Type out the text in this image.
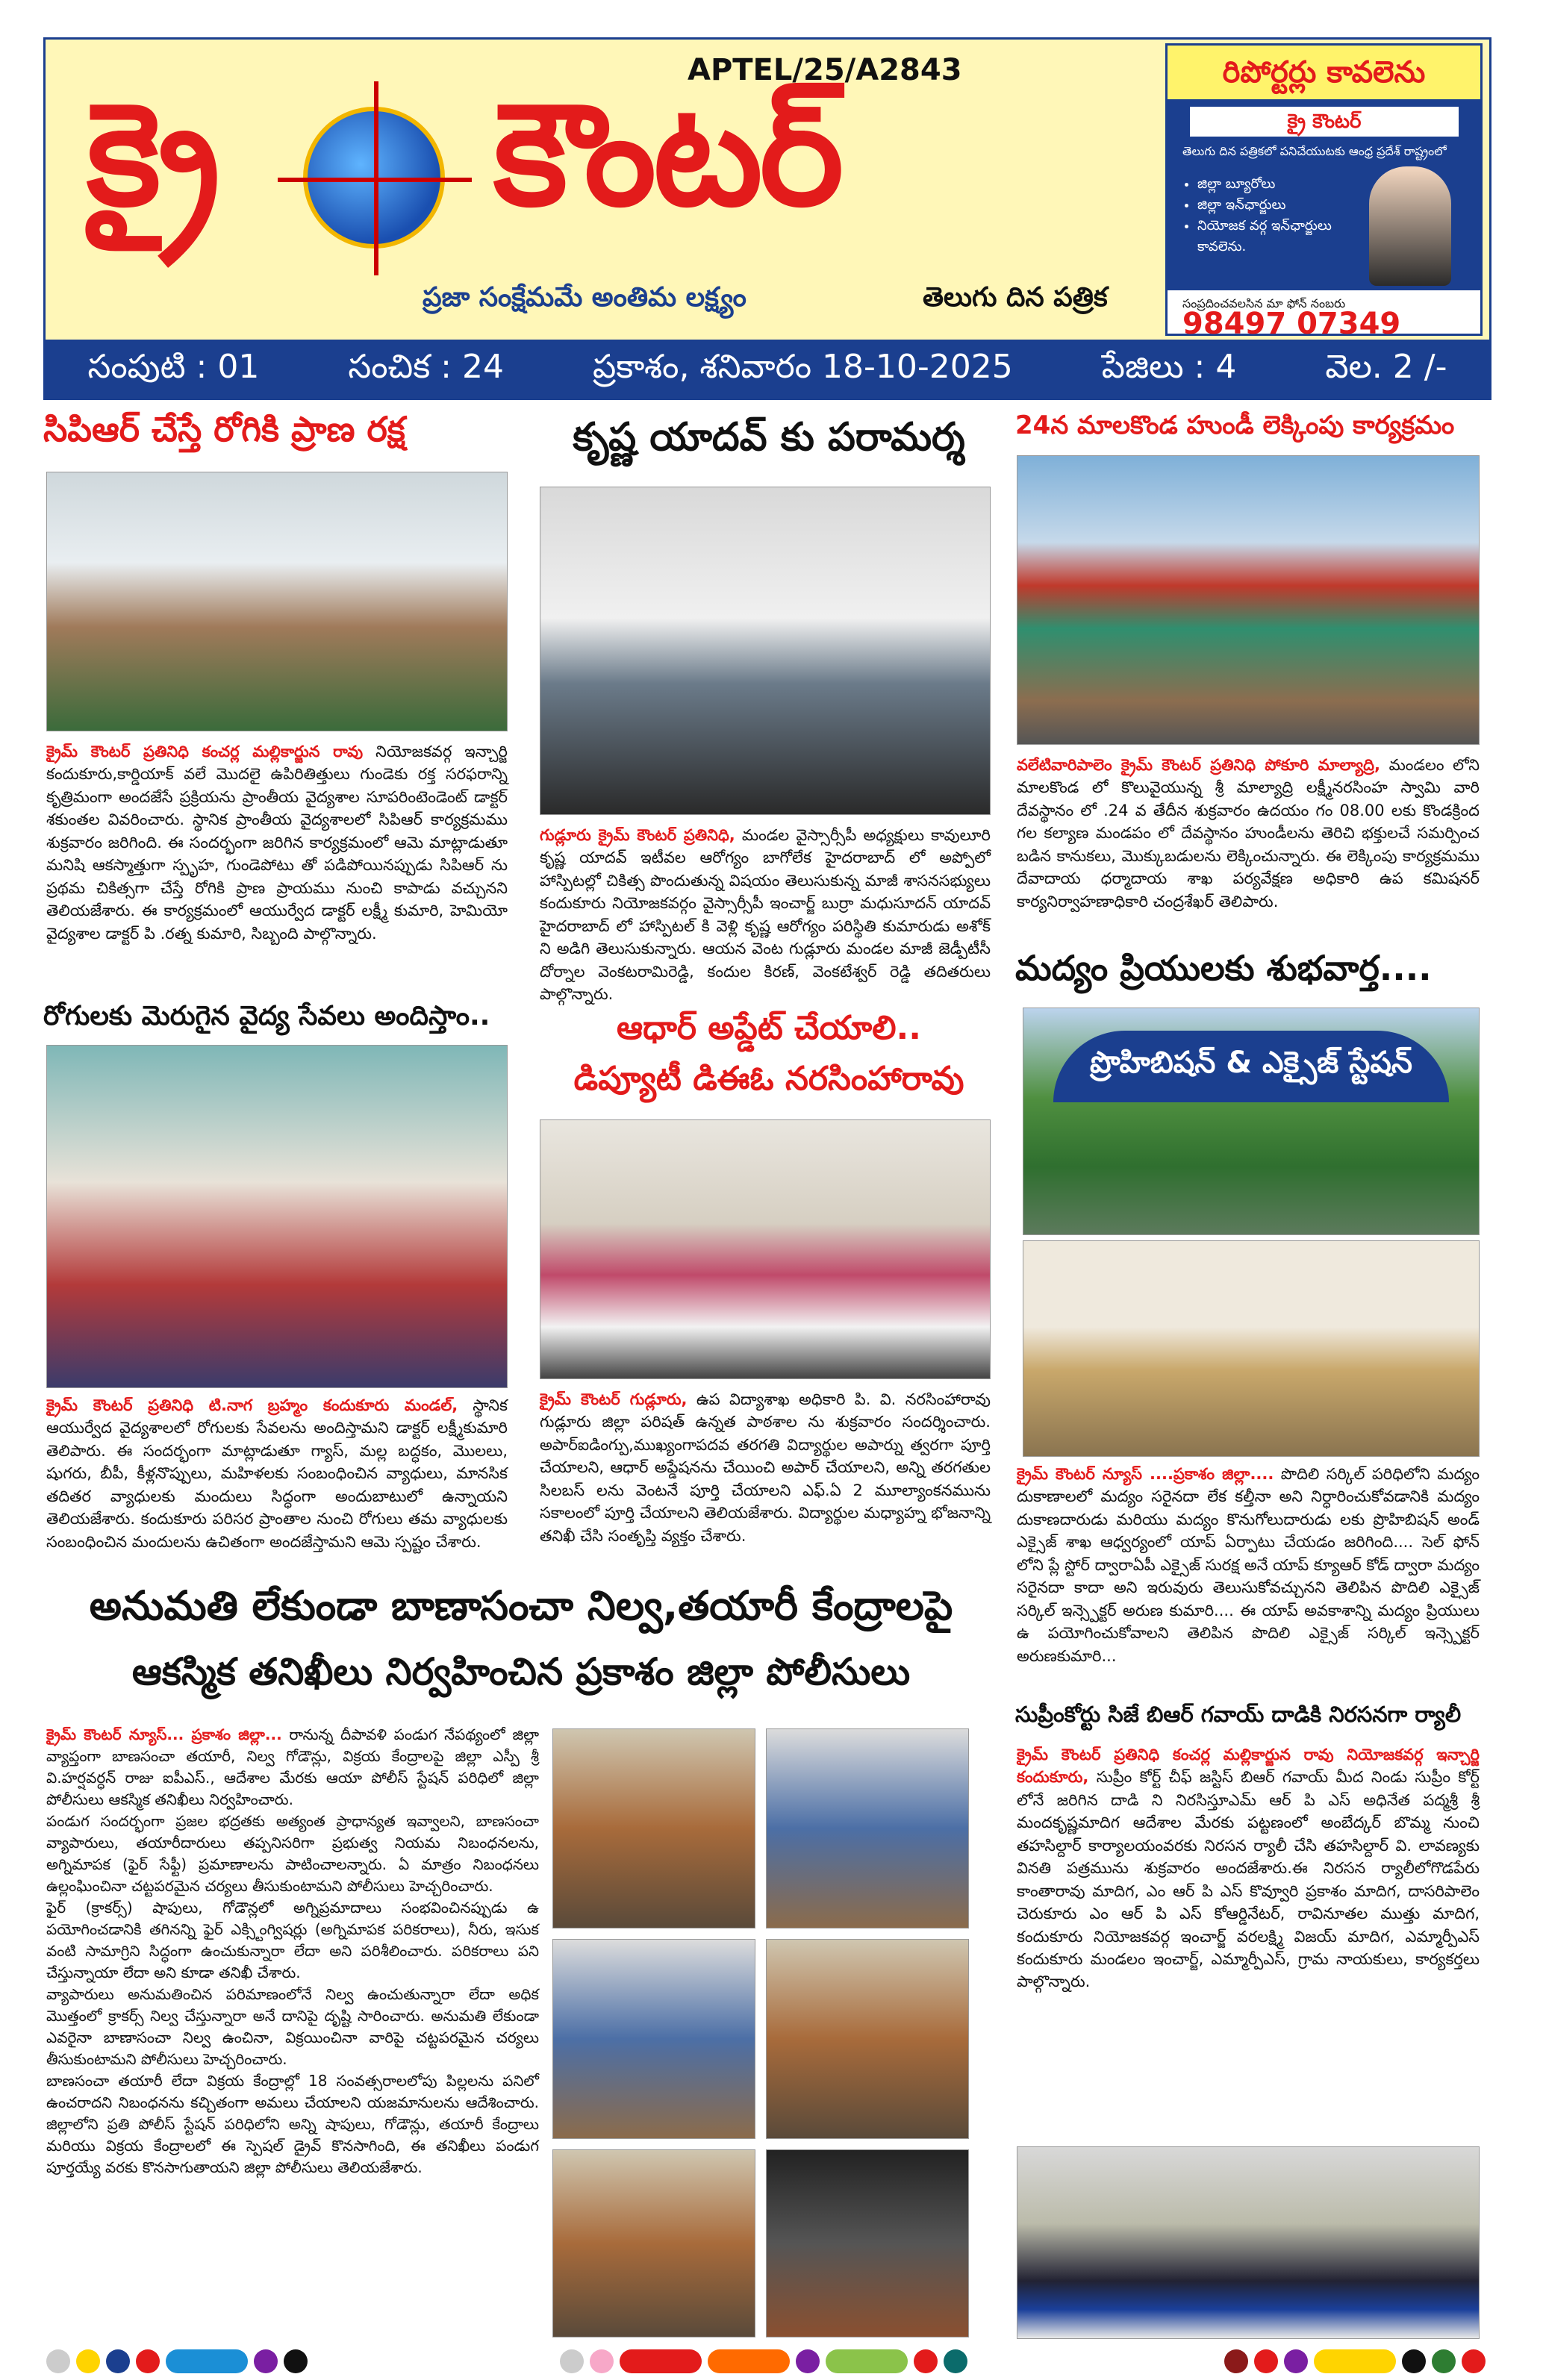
APTEL/25/A2843
క్రై కౌంటర్
ప్రజా సంక్షేమమే అంతిమ లక్ష్యం	తెలుగు దిన పత్రిక
రిపోర్టర్లు కావలెను
క్రై కౌంటర్
తెలుగు దిన పత్రికలో పనిచేయుటకు ఆంధ్ర ప్రదేశ్ రాష్ట్రంలో
• జిల్లా బ్యూరోలు
• జిల్లా ఇన్‌ఛార్జులు
• నియోజక వర్గ ఇన్‌ఛార్జులు కావలెను.
సంప్రదించవలసిన మా ఫోన్ నంబరు
98497 07349
సంపుటి : 01	సంచిక : 24	ప్రకాశం, శనివారం 18-10-2025	పేజిలు : 4	వెల. 2 /-
సిపిఆర్ చేస్తే రోగికి ప్రాణ రక్ష
క్రైమ్ కౌంటర్ ప్రతినిధి కంచర్ల మల్లికార్జున రావు నియోజకవర్గ ఇన్చార్జి కందుకూరు,కార్డియాక్ వలే మొదలై ఉపిరితిత్తులు గుండెకు రక్త సరఫరాన్ని కృత్రిమంగా అందజేసే ప్రక్రియను ప్రాంతీయ వైద్యశాల సూపరింటెండెంట్ డాక్టర్ శకుంతల వివరించారు. స్థానిక ప్రాంతీయ వైద్యశాలలో సిపిఆర్ కార్యక్రమము శుక్రవారం జరిగింది. ఈ సందర్భంగా జరిగిన కార్యక్రమంలో ఆమె మాట్లాడుతూ మనిషి ఆకస్మాత్తుగా స్పృహ, గుండెపోటు తో పడిపోయినప్పుడు సిపిఆర్ ను ప్రథమ చికిత్సగా చేస్తే రోగికి ప్రాణ ప్రాయము నుంచి కాపాడు వచ్చునని తెలియజేశారు. ఈ కార్యక్రమంలో ఆయుర్వేద డాక్టర్ లక్ష్మీ కుమారి, హెమియో వైద్యశాల డాక్టర్ పి .రత్న కుమారి, సిబ్బంది పాల్గొన్నారు.
రోగులకు మెరుగైన వైద్య సేవలు అందిస్తాం..
క్రైమ్ కౌంటర్ ప్రతినిధి టి.నాగ బ్రహ్మం కందుకూరు మండల్, స్థానిక ఆయుర్వేద వైద్యశాలలో రోగులకు సేవలను అందిస్తామని డాక్టర్ లక్ష్మీకుమారి తెలిపారు. ఈ సందర్భంగా మాట్లాడుతూ గ్యాస్, మల్ల బద్ధకం, మొలలు, షుగరు, బీపీ, కీళ్లనొప్పులు, మహిళలకు సంబంధించిన వ్యాధులు, మానసిక తదితర వ్యాధులకు మందులు సిద్ధంగా అందుబాటులో ఉన్నాయని తెలియజేశారు. కందుకూరు పరిసర ప్రాంతాల నుంచి రోగులు తమ వ్యాధులకు సంబంధించిన మందులను ఉచితంగా అందజేస్తామని ఆమె స్పష్టం చేశారు.
కృష్ణ యాదవ్ కు పరామర్శ
గుడ్లూరు క్రైమ్ కౌంటర్ ప్రతినిధి, మండల వైస్సార్సీపీ అధ్యక్షులు కావులూరి కృష్ణ యాదవ్ ఇటీవల ఆరోగ్యం బాగోలేక హైదరాబాద్ లో అప్పోలో హాస్పిటల్లో చికిత్స పొందుతున్న విషయం తెలుసుకున్న మాజీ శాసనసభ్యులు కందుకూరు నియోజకవర్గం వైస్సార్సీపీ ఇంచార్జ్ బుర్రా మధుసూదన్ యాదవ్ హైదరాబాద్ లో హాస్పిటల్ కి వెళ్లి కృష్ణ ఆరోగ్యం పరిస్థితి కుమారుడు అశోక్ ని అడిగి తెలుసుకున్నారు. ఆయన వెంట గుడ్లూరు మండల మాజీ జెడ్పీటీసీ దోర్నాల వెంకటరామిరెడ్డి, కందుల కిరణ్, వెంకటేశ్వర్ రెడ్డి తదితరులు పాల్గొన్నారు.
ఆధార్ అప్డేట్ చేయాలి..
డిప్యూటీ డిఈఓ నరసింహారావు
క్రైమ్ కౌంటర్ గుడ్లూరు, ఉప విద్యాశాఖ అధికారి పి. వి. నరసింహారావు గుడ్లూరు జిల్లా పరిషత్ ఉన్నత పాఠశాల ను శుక్రవారం సందర్శించారు. అపార్ఐడింగ్పు,ముఖ్యంగాపదవ తరగతి విద్యార్థుల అపార్ను త్వరగా పూర్తి చేయాలని, ఆధార్ అప్డేషనను చేయించి అపార్ చేయాలని, అన్ని తరగతుల సిలబస్ లను వెంటనే పూర్తి చేయాలని ఎఫ్.ఏ 2 మూల్యాంకనమును సకాలంలో పూర్తి చేయాలని తెలియజేశారు. విద్యార్థుల మధ్యాహ్న భోజనాన్ని తనిఖీ చేసి సంతృప్తి వ్యక్తం చేశారు.
24న మాలకొండ హుండీ లెక్కింపు కార్యక్రమం
వలేటివారిపాలెం క్రైమ్ కౌంటర్ ప్రతినిధి పోకూరి మాల్యాద్రి, మండలం లోని మాలకొండ లో కొలువైయున్న శ్రీ మాల్యాద్రి లక్ష్మీనరసింహ స్వామి వారి దేవస్థానం లో .24 వ తేదీన శుక్రవారం ఉదయం గం 08.00 లకు కొండక్రింద గల కల్యాణ మండపం లో దేవస్థానం హుండీలను తెరిచి భక్తులచే సమర్పించ బడిన కానుకలు, మొక్కుబడులను లెక్కించున్నారు. ఈ లెక్కింపు కార్యక్రమము దేవాదాయ ధర్మాదాయ శాఖ పర్యవేక్షణ అధికారి ఉప కమిషనర్ కార్యనిర్వాహణాధికారి చంద్రశేఖర్ తెలిపారు.
మద్యం ప్రియులకు శుభవార్త....
ప్రొహిబిషన్ & ఎక్సైజ్ స్టేషన్
క్రైమ్ కౌంటర్ న్యూస్ ....ప్రకాశం జిల్లా.... పొదిలి సర్కిల్ పరిధిలోని మద్యం దుకాణాలలో మద్యం సరైనదా లేక కల్తీనా అని నిర్ధారించుకోవడానికి మద్యం దుకాణదారుడు మరియు మద్యం కొనుగోలుదారుడు లకు ప్రొహిబిషన్ అండ్ ఎక్సైజ్ శాఖ ఆధ్వర్యంలో యాప్ ఏర్పాటు చేయడం జరిగింది.... సెల్ ఫోన్ లోని ప్లే స్టోర్ ద్వారాఏపీ ఎక్సైజ్ సురక్ష అనే యాప్ క్యూఆర్ కోడ్ ద్వారా మద్యం సరైనదా కాదా అని ఇరువురు తెలుసుకోవచ్చునని తెలిపిన పొదిలి ఎక్సైజ్ సర్కిల్ ఇన్స్పెక్టర్ అరుణ కుమారి.... ఈ యాప్ అవకాశాన్ని మద్యం ప్రియులు ఉ పయోగించుకోవాలని తెలిపిన పొదిలి ఎక్సైజ్ సర్కిల్ ఇన్స్పెక్టర్ అరుణకుమారి...
అనుమతి లేకుండా బాణాసంచా నిల్వ,తయారీ కేంద్రాలపై
ఆకస్మిక తనిఖీలు నిర్వహించిన ప్రకాశం జిల్లా పోలీసులు
క్రైమ్ కౌంటర్ న్యూస్... ప్రకాశం జిల్లా... రానున్న దీపావళి పండుగ నేపథ్యంలో జిల్లా వ్యాప్తంగా బాణసంచా తయారీ, నిల్వ గోడౌన్లు, విక్రయ కేంద్రాలపై జిల్లా ఎస్పీ శ్రీ వి.హర్షవర్ధన్ రాజు ఐపీఎస్., ఆదేశాల మేరకు ఆయా పోలీస్ స్టేషన్ పరిధిలో జిల్లా పోలీసులు ఆకస్మిక తనిఖీలు నిర్వహించారు.
పండుగ సందర్భంగా ప్రజల భద్రతకు అత్యంత ప్రాధాన్యత ఇవ్వాలని, బాణసంచా వ్యాపారులు, తయారీదారులు తప్పనిసరిగా ప్రభుత్వ నియమ నిబంధనలను, అగ్నిమాపక (ఫైర్ సేఫ్టీ) ప్రమాణాలను పాటించాలన్నారు. ఏ మాత్రం నిబంధనలు ఉల్లంఘించినా చట్టపరమైన చర్యలు తీసుకుంటామని పోలీసులు హెచ్చరించారు.
ఫైర్ (క్రాకర్స్) షాపులు, గోడౌన్లలో అగ్నిప్రమాదాలు సంభవించినప్పుడు ఉ పయోగించడానికి తగినన్ని ఫైర్ ఎక్స్టింగ్విషర్లు (అగ్నిమాపక పరికరాలు), నీరు, ఇసుక వంటి సామాగ్రిని సిద్ధంగా ఉంచుకున్నారా లేదా అని పరిశీలించారు. పరికరాలు పని చేస్తున్నాయా లేదా అని కూడా తనిఖీ చేశారు.
వ్యాపారులు అనుమతించిన పరిమాణంలోనే నిల్వ ఉంచుతున్నారా లేదా అధిక మొత్తంలో క్రాకర్స్ నిల్వ చేస్తున్నారా అనే దానిపై దృష్టి సారించారు. అనుమతి లేకుండా ఎవరైనా బాణాసంచా నిల్వ ఉంచినా, విక్రయించినా వారిపై చట్టపరమైన చర్యలు తీసుకుంటామని పోలీసులు హెచ్చరించారు.
బాణసంచా తయారీ లేదా విక్రయ కేంద్రాల్లో 18 సంవత్సరాలలోపు పిల్లలను పనిలో ఉంచరాదని నిబంధనను కచ్చితంగా అమలు చేయాలని యజమానులను ఆదేశించారు. జిల్లాలోని ప్రతి పోలీస్ స్టేషన్ పరిధిలోని అన్ని షాపులు, గోడౌన్లు, తయారీ కేంద్రాలు మరియు విక్రయ కేంద్రాలలో ఈ స్పెషల్ డ్రైవ్ కొనసాగింది, ఈ తనిఖీలు పండుగ పూర్తయ్యే వరకు కొనసాగుతాయని జిల్లా పోలీసులు తెలియజేశారు.
సుప్రీంకోర్టు సిజే బిఆర్ గవాయ్ దాడికి నిరసనగా ర్యాలీ
క్రైమ్ కౌంటర్ ప్రతినిధి కంచర్ల మల్లికార్జున రావు నియోజకవర్గ ఇన్చార్జి కందుకూరు, సుప్రీం కోర్ట్ చీఫ్ జస్టిస్ బిఆర్ గవాయ్ మీద నిండు సుప్రీం కోర్ట్ లోనే జరిగిన దాడి ని నిరసిస్తూఎమ్ ఆర్ పి ఎస్ అధినేత పద్మశ్రీ శ్రీ మందకృష్ణమాదిగ ఆదేశాల మేరకు పట్టణంలో అంబేద్కర్ బొమ్మ నుంచి తహసిల్దార్ కార్యాలయంవరకు నిరసన ర్యాలీ చేసి తహసిల్దార్ వి. లావణ్యకు వినతి పత్రమును శుక్రవారం అందజేశారు.ఈ నిరసన ర్యాలీలోగొడపేరు కాంతారావు మాదిగ, ఎం ఆర్ పి ఎస్ కొవ్వూరి ప్రకాశం మాదిగ, దాసరిపాలెం చెరుకూరు ఎం ఆర్ పి ఎస్ కోఆర్డినేటర్, రావినూతల ముత్తు మాదిగ, కందుకూరు నియోజకవర్గ ఇంచార్జ్ వరలక్ష్మి విజయ్ మాదిగ, ఎమ్మార్పీఎస్ కందుకూరు మండలం ఇంచార్జ్, ఎమ్మార్పీఎస్, గ్రామ నాయకులు, కార్యకర్తలు పాల్గొన్నారు.
